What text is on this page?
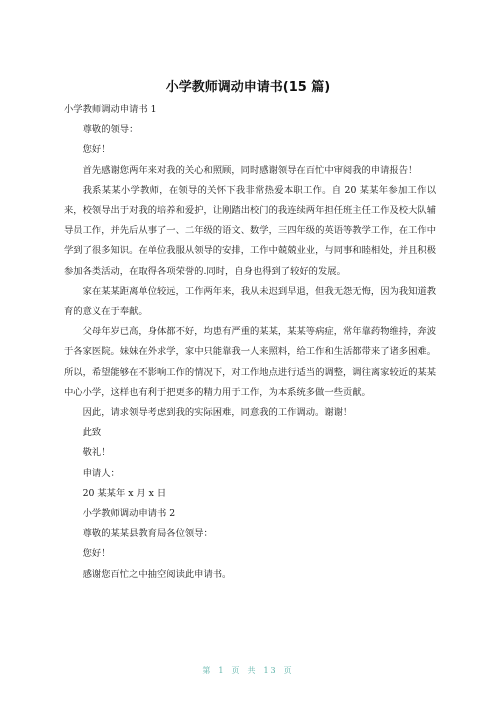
小学教师调动申请书(15 篇)
小学教师调动申请书 1
尊敬的领导：
您好！

首先感谢您两年来对我的关心和照顾，同时感谢领导在百忙中审阅我的申请报告！

我系某某小学教师，在领导的关怀下我非常热爱本职工作。自 20 某某年参加工作以来，校领导出于对我的培养和爱护，让刚踏出校门的我连续两年担任班主任工作及校大队辅导员工作，并先后从事了一、二年级的语文、数学，三四年级的英语等教学工作，在工作中学到了很多知识。在单位我服从领导的安排，工作中兢兢业业，与同事和睦相处，并且积极参加各类活动，在取得各项荣誉的.同时，自身也得到了较好的发展。

家在某某距离单位较远，工作两年来，我从未迟到早退，但我无怨无悔，因为我知道教育的意义在于奉献。

父母年岁已高，身体都不好，均患有严重的某某，某某等病症，常年靠药物维持，奔波于各家医院。妹妹在外求学，家中只能靠我一人来照料，给工作和生活都带来了诸多困难。所以，希望能够在不影响工作的情况下，对工作地点进行适当的调整，调往离家较近的某某中心小学，这样也有利于把更多的精力用于工作，为本系统多做一些贡献。

因此，请求领导考虑到我的实际困难，同意我的工作调动。谢谢！

此致
敬礼！
申请人：
20 某某年 x 月 x 日
小学教师调动申请书 2
尊敬的某某县教育局各位领导：
您好！
感谢您百忙之中抽空阅读此申请书。
第 1 页 共 13 页
